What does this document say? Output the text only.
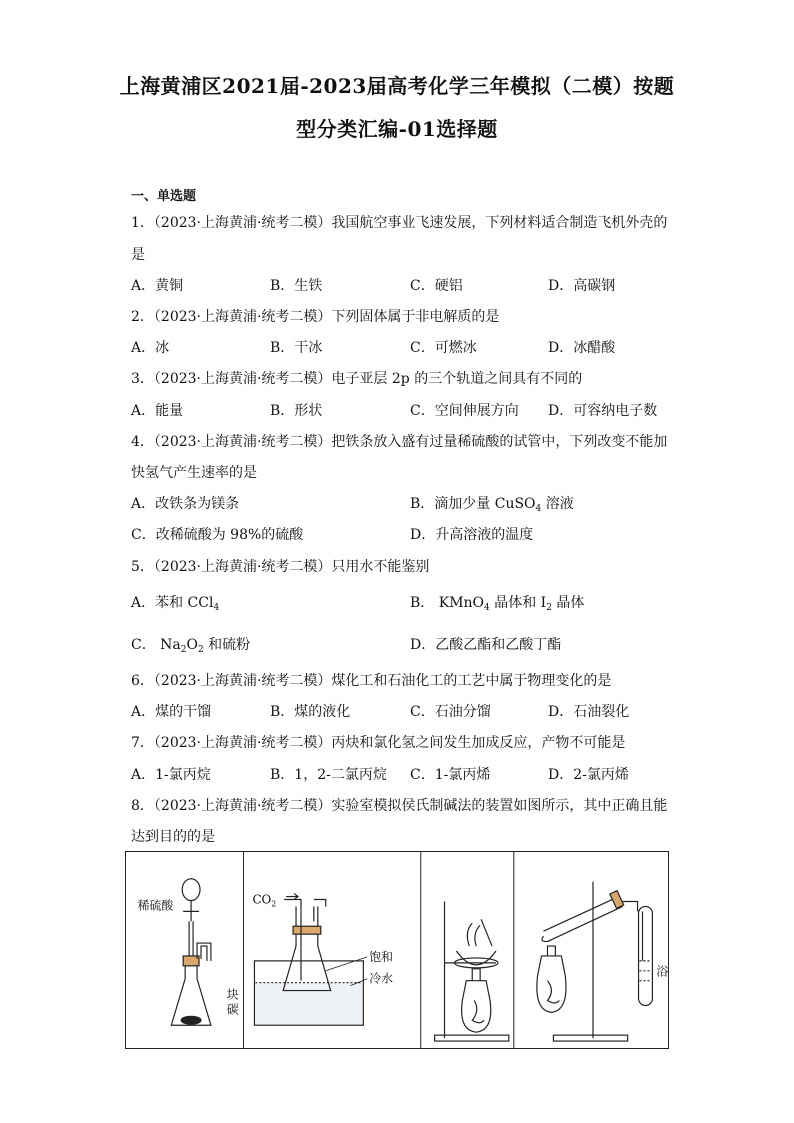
上海黄浦区2021届-2023届高考化学三年模拟（二模）按题
型分类汇编-01选择题
一、单选题
1．（2023·上海黄浦·统考二模）我国航空事业飞速发展，下列材料适合制造飞机外壳的
是
A．黄铜	B．生铁	C．硬铝	D．高碳钢
2．（2023·上海黄浦·统考二模）下列固体属于非电解质的是
A．冰	B．干冰	C．可燃冰	D．冰醋酸
3．（2023·上海黄浦·统考二模）电子亚层 2p 的三个轨道之间具有不同的
A．能量	B．形状	C．空间伸展方向 D．可容纳电子数
4．（2023·上海黄浦·统考二模）把铁条放入盛有过量稀硫酸的试管中，下列改变不能加
快氢气产生速率的是
A．改铁条为镁条	B．滴加少量 CuSO$_4$ 溶液
C．改稀硫酸为 98%的硫酸	D．升高溶液的温度
5．（2023·上海黄浦·统考二模）只用水不能鉴别
A．苯和 CCl$_4$	B． KMnO$_4$ 晶体和 $I_2$ 晶体
C． $Na_2O_2$ 和硫粉	D．乙酸乙酯和乙酸丁酯
6．（2023·上海黄浦·统考二模）煤化工和石油化工的工艺中属于物理变化的是
A．煤的干馏	B．煤的液化	C．石油分馏	D．石油裂化
7．（2023·上海黄浦·统考二模）丙炔和氯化氢之间发生加成反应，产物不可能是
A．1-氯丙烷	B．1，2-二氯丙烷 C．1-氯丙烯	D．2-氯丙烯
8．（2023·上海黄浦·统考二模）实验室模拟侯氏制碱法的装置如图所示，其中正确且能
达到目的的是
稀硫酸
块
碳
$CO_2$
饱和
冷水	浴
